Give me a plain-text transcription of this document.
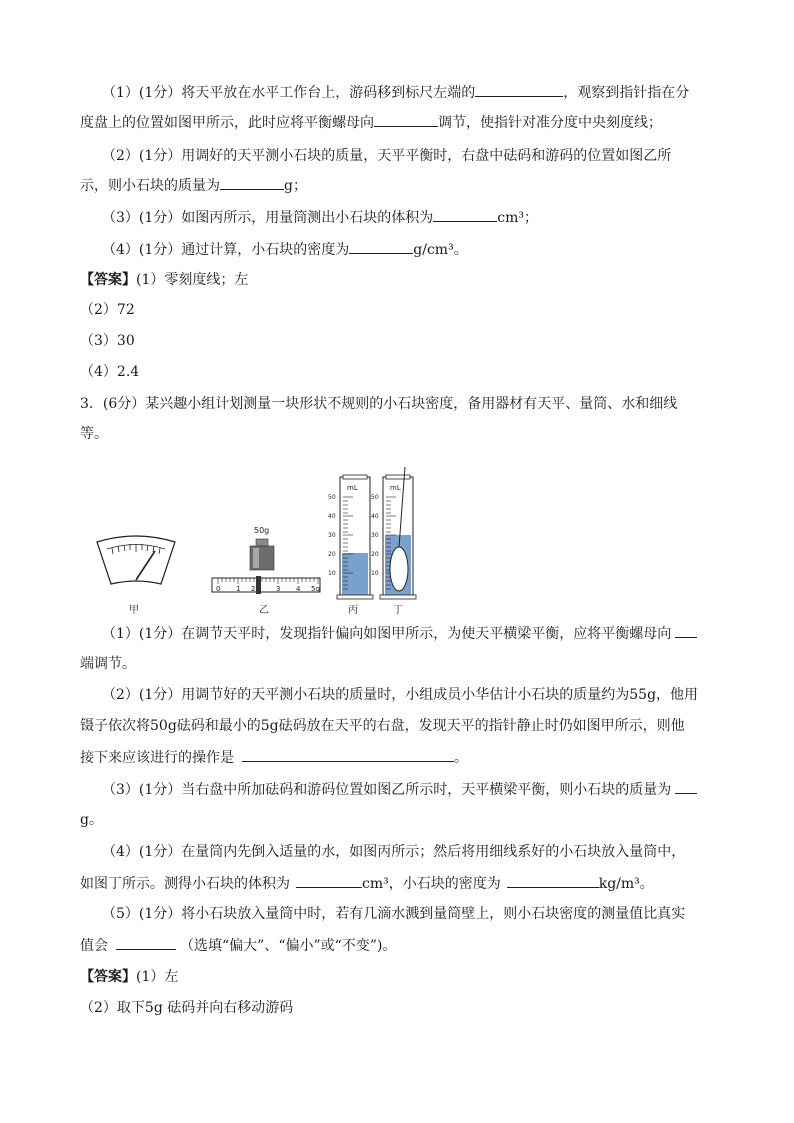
（1）(1分）将天平放在水平工作台上，游码移到标尺左端的	，观察到指针指在分
度盘上的位置如图甲所示，此时应将平衡螺母向	调节，使指针对准分度中央刻度线；
（2）(1分）用调好的天平测小石块的质量，天平平衡时，右盘中砝码和游码的位置如图乙所
示，则小石块的质量为	g；
（3）(1分）如图丙所示，用量筒测出小石块的体积为	cm³；
（4）(1分）通过计算，小石块的密度为	g/cm³。
【答案】(1）零刻度线；左
（2）72
（3）30
（4）2.4
3．(6分）某兴趣小组计划测量一块形状不规则的小石块密度，备用器材有天平、量筒、水和细线
等。
甲
50g
0 1 2	3 4 5g
乙
mL
50
40
30
20
10
丙
mL
50
40
30
20
10
丁
（1）(1分）在调节天平时，发现指针偏向如图甲所示，为使天平横梁平衡，应将平衡螺母向
端调节。
（2）(1分）用调节好的天平测小石块的质量时，小组成员小华估计小石块的质量约为55g，他用
镊子依次将50g砝码和最小的5g砝码放在天平的右盘，发现天平的指针静止时仍如图甲所示，则他
接下来应该进行的操作是	。
（3）(1分）当右盘中所加砝码和游码位置如图乙所示时，天平横梁平衡，则小石块的质量为
g。
（4）(1分）在量筒内先倒入适量的水，如图丙所示；然后将用细线系好的小石块放入量筒中，
如图丁所示。测得小石块的体积为	cm³，小石块的密度为	kg/m³。
（5）(1分）将小石块放入量筒中时，若有几滴水溅到量筒壁上，则小石块密度的测量值比真实
值会	（选填“偏大”、“偏小”或“不变”)。
【答案】(1）左
（2）取下5g 砝码并向右移动游码
